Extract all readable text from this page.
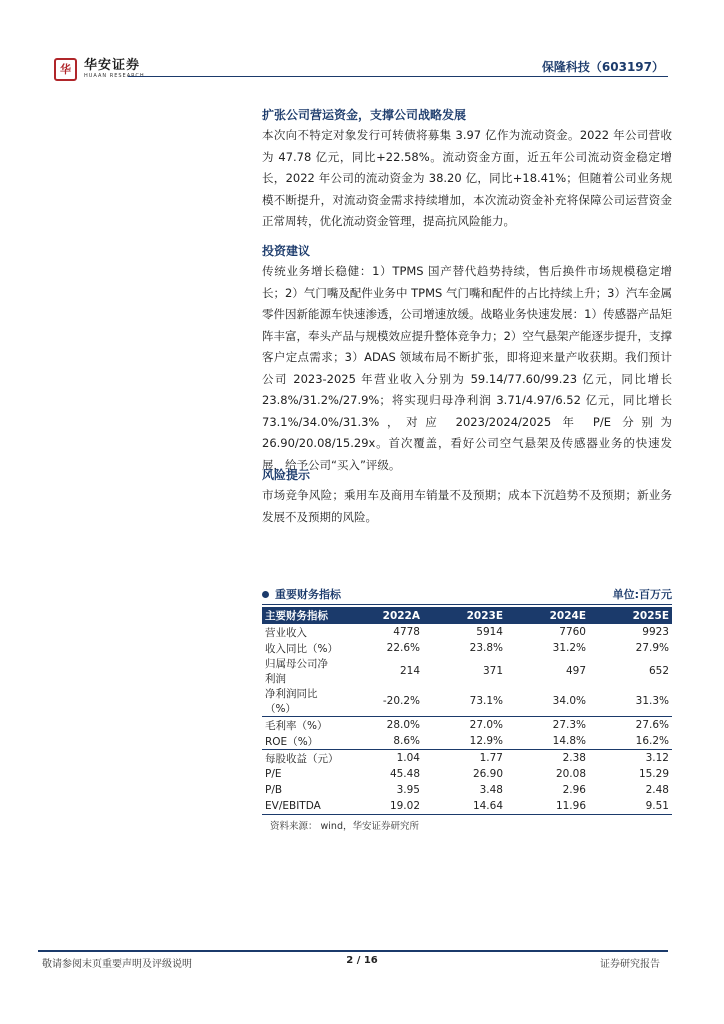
华	华安证券
HUAAN RESEARCH
保隆科技（603197）
扩张公司营运资金，支撑公司战略发展

本次向不特定对象发行可转债将募集 3.97 亿作为流动资金。2022 年公司营收为 47.78 亿元，同比+22.58%。流动资金方面，近五年公司流动资金稳定增长，2022 年公司的流动资金为 38.20 亿，同比+18.41%；但随着公司业务规模不断提升，对流动资金需求持续增加，本次流动资金补充将保障公司运营资金正常周转，优化流动资金管理，提高抗风险能力。

投资建议

传统业务增长稳健：1）TPMS 国产替代趋势持续，售后换件市场规模稳定增长；2）气门嘴及配件业务中 TPMS 气门嘴和配件的占比持续上升；3）汽车金属零件因新能源车快速渗透，公司增速放缓。战略业务快速发展：1）传感器产品矩阵丰富，奉头产品与规模效应提升整体竞争力；2）空气悬架产能逐步提升，支撑客户定点需求；3）ADAS 领域布局不断扩张，即将迎来量产收获期。我们预计公司 2023-2025 年营业收入分别为 59.14/77.60/99.23 亿元，同比增长 23.8%/31.2%/27.9%；将实现归母净利润 3.71/4.97/6.52 亿元，同比增长 73.1%/34.0%/31.3%，对应 2023/2024/2025 年 P/E 分别为 26.90/20.08/15.29x。首次覆盖，看好公司空气悬架及传感器业务的快速发展，给予公司“买入”评级。

风险提示

市场竞争风险；乘用车及商用车销量不及预期；成本下沉趋势不及预期；新业务发展不及预期的风险。

重要财务指标	单位:百万元
主要财务指标	2022A	2023E	2024E	2025E
营业收入	4778	5914	7760	9923
收入同比（%）	22.6%	23.8%	31.2%	27.9%
归属母公司净利润	214	371	497	652
净利润同比（%）	-20.2%	73.1%	34.0%	31.3%
毛利率（%）	28.0%	27.0%	27.3%	27.6%
ROE（%）	8.6%	12.9%	14.8%	16.2%
每股收益（元）	1.04	1.77	2.38	3.12
P/E	45.48	26.90	20.08	15.29
P/B	3.95	3.48	2.96	2.48
EV/EBITDA	19.02	14.64	11.96	9.51
资料来源： wind，华安证券研究所
敬请参阅末页重要声明及评级说明	2 / 16	证券研究报告
